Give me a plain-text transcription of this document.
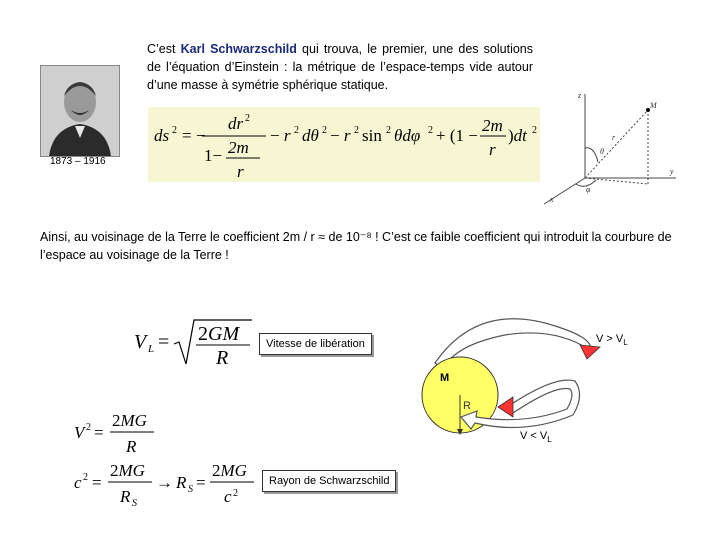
1873 – 1916
C’est Karl Schwarzschild qui trouva, le premier, une des solutions de l’équation d’Einstein : la métrique de l’espace-temps vide autour d’une masse à symétrie sphérique statique.
ds 2 = −
dr 2
1− 2m
r
− r 2 dθ 2 − r 2 sin 2 θdφ 2 + (1 −
2m
r
)dt 2
z
y
x
M
θ
φ
r
Ainsi, au voisinage de la Terre le coefficient 2m / r ≈ de 10⁻⁸ ! C’est ce faible coefficient qui introduit la courbure de l’espace au voisinage de la Terre !
V L = 2GM
R
V 2 =
2MG
R
c 2 =
2MG
R S
→ R S =
2MG
c 2
Vitesse de libération
Rayon de Schwarzschild
M
R
$V > V_L$
$V < V_L$
